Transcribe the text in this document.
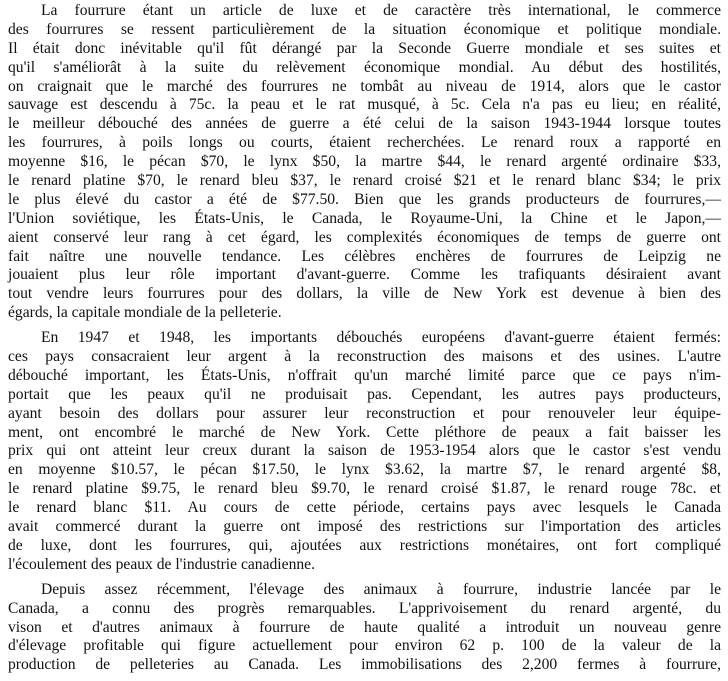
La fourrure étant un article de luxe et de caractère très international, le commerce
des fourrures se ressent particulièrement de la situation économique et politique mondiale.
Il était donc inévitable qu'il fût dérangé par la Seconde Guerre mondiale et ses suites et
qu'il s'améliorât à la suite du relèvement économique mondial. Au début des hostilités,
on craignait que le marché des fourrures ne tombât au niveau de 1914, alors que le castor
sauvage est descendu à 75c. la peau et le rat musqué, à 5c. Cela n'a pas eu lieu; en réalité,
le meilleur débouché des années de guerre a été celui de la saison 1943-1944 lorsque toutes
les fourrures, à poils longs ou courts, étaient recherchées. Le renard roux a rapporté en
moyenne $16, le pécan $70, le lynx $50, la martre $44, le renard argenté ordinaire $33,
le renard platine $70, le renard bleu $37, le renard croisé $21 et le renard blanc $34; le prix
le plus élevé du castor a été de $77.50. Bien que les grands producteurs de fourrures,—
l'Union soviétique, les États-Unis, le Canada, le Royaume-Uni, la Chine et le Japon,—
aient conservé leur rang à cet égard, les complexités économiques de temps de guerre ont
fait naître une nouvelle tendance. Les célèbres enchères de fourrures de Leipzig ne
jouaient plus leur rôle important d'avant-guerre. Comme les trafiquants désiraient avant
tout vendre leurs fourrures pour des dollars, la ville de New York est devenue à bien des
égards, la capitale mondiale de la pelleterie.
En 1947 et 1948, les importants débouchés européens d'avant-guerre étaient fermés:
ces pays consacraient leur argent à la reconstruction des maisons et des usines. L'autre
débouché important, les États-Unis, n'offrait qu'un marché limité parce que ce pays n'im-
portait que les peaux qu'il ne produisait pas. Cependant, les autres pays producteurs,
ayant besoin des dollars pour assurer leur reconstruction et pour renouveler leur équipe-
ment, ont encombré le marché de New York. Cette pléthore de peaux a fait baisser les
prix qui ont atteint leur creux durant la saison de 1953-1954 alors que le castor s'est vendu
en moyenne $10.57, le pécan $17.50, le lynx $3.62, la martre $7, le renard argenté $8,
le renard platine $9.75, le renard bleu $9.70, le renard croisé $1.87, le renard rouge 78c. et
le renard blanc $11. Au cours de cette période, certains pays avec lesquels le Canada
avait commercé durant la guerre ont imposé des restrictions sur l'importation des articles
de luxe, dont les fourrures, qui, ajoutées aux restrictions monétaires, ont fort compliqué
l'écoulement des peaux de l'industrie canadienne.
Depuis assez récemment, l'élevage des animaux à fourrure, industrie lancée par le
Canada, a connu des progrès remarquables. L'apprivoisement du renard argenté, du
vison et d'autres animaux à fourrure de haute qualité a introduit un nouveau genre
d'élevage profitable qui figure actuellement pour environ 62 p. 100 de la valeur de la
production de pelleteries au Canada. Les immobilisations des 2,200 fermes à fourrure,
